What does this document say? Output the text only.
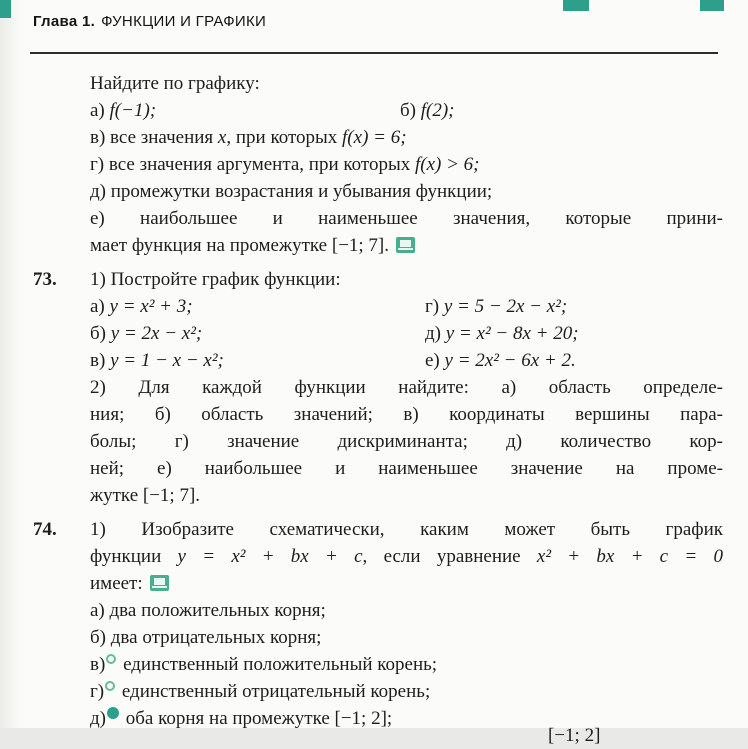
Глава 1. ФУНКЦИИ И ГРАФИКИ
Найдите по графику:
а) f(−1);	б) f(2);
в) все значения x, при которых f(x) = 6;
г) все значения аргумента, при которых f(x) > 6;
д) промежутки возрастания и убывания функции;
е) наибольшее и наименьшее значения, которые прини-
мает функция на промежутке [−1; 7].
73.	1) Постройте график функции:
а) y = x² + 3;	г) y = 5 − 2x − x²;
б) y = 2x − x²;	д) y = x² − 8x + 20;
в) y = 1 − x − x²;	е) y = 2x² − 6x + 2.
2) Для каждой функции найдите: а) область определе-
ния; б) область значений; в) координаты вершины пара-
болы; г) значение дискриминанта; д) количество кор-
ней; е) наибольшее и наименьшее значение на проме-
жутке [−1; 7].
74.	1) Изобразите схематически, каким может быть график
функции y = x² + bx + c, если уравнение x² + bx + c = 0
имеет:
а) два положительных корня;
б) два отрицательных корня;
в) единственный положительный корень;
г) единственный отрицательный корень;
д) оба корня на промежутке [−1; 2];
[−1; 2]
